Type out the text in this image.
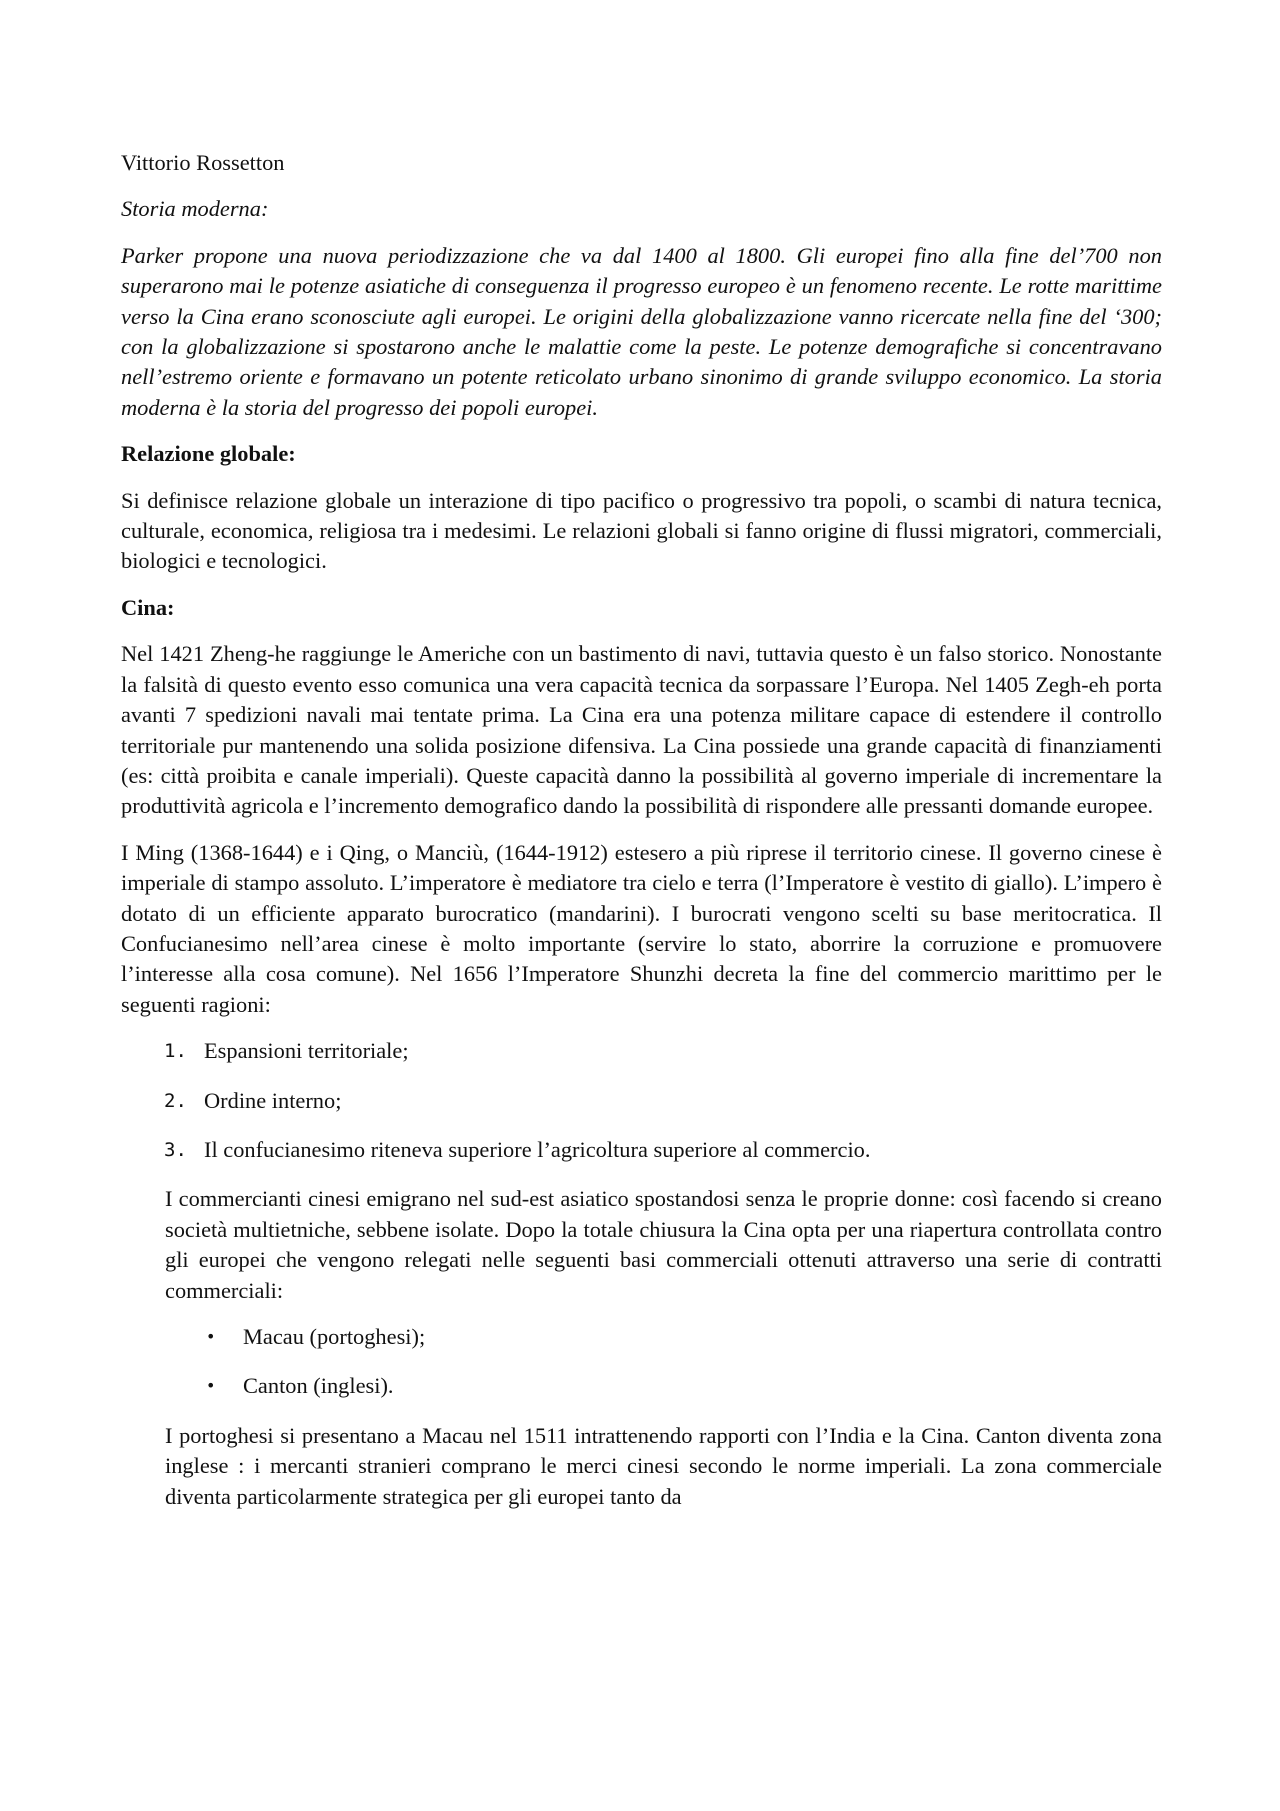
Vittorio Rossetton

Storia moderna:

Parker propone una nuova periodizzazione che va dal 1400 al 1800. Gli europei fino alla fine del’700 non superarono mai le potenze asiatiche di conseguenza il progresso europeo è un fenomeno recente. Le rotte marittime verso la Cina erano sconosciute agli europei. Le origini della globalizzazione vanno ricercate nella fine del ‘300; con la globalizzazione si spostarono anche le malattie come la peste. Le potenze demografiche si concentravano nell’estremo oriente e formavano un potente reticolato urbano sinonimo di grande sviluppo economico. La storia moderna è la storia del progresso dei popoli europei.

Relazione globale:

Si definisce relazione globale un interazione di tipo pacifico o progressivo tra popoli, o scambi di natura tecnica, culturale, economica, religiosa tra i medesimi. Le relazioni globali si fanno origine di flussi migratori, commerciali, biologici e tecnologici.

Cina:

Nel 1421 Zheng-he raggiunge le Americhe con un bastimento di navi, tuttavia questo è un falso storico. Nonostante la falsità di questo evento esso comunica una vera capacità tecnica da sorpassare l’Europa. Nel 1405 Zegh-eh porta avanti 7 spedizioni navali mai tentate prima. La Cina era una potenza militare capace di estendere il controllo territoriale pur mantenendo una solida posizione difensiva. La Cina possiede una grande capacità di finanziamenti (es: città proibita e canale imperiali). Queste capacità danno la possibilità al governo imperiale di incrementare la produttività agricola e l’incremento demografico dando la possibilità di rispondere alle pressanti domande europee.

I Ming (1368-1644) e i Qing, o Manciù, (1644-1912) estesero a più riprese il territorio cinese. Il governo cinese è imperiale di stampo assoluto. L’imperatore è mediatore tra cielo e terra (l’Imperatore è vestito di giallo). L’impero è dotato di un efficiente apparato burocratico (mandarini). I burocrati vengono scelti su base meritocratica. Il Confucianesimo nell’area cinese è molto importante (servire lo stato, aborrire la corruzione e promuovere l’interesse alla cosa comune). Nel 1656 l’Imperatore Shunzhi decreta la fine del commercio marittimo per le seguenti ragioni:

1. Espansioni territoriale;
2. Ordine interno;
3. Il confucianesimo riteneva superiore l’agricoltura superiore al commercio.

I commercianti cinesi emigrano nel sud-est asiatico spostandosi senza le proprie donne: così facendo si creano società multietniche, sebbene isolate. Dopo la totale chiusura la Cina opta per una riapertura controllata contro gli europei che vengono relegati nelle seguenti basi commerciali ottenuti attraverso una serie di contratti commerciali:

• Macau (portoghesi);
• Canton (inglesi).

I portoghesi si presentano a Macau nel 1511 intrattenendo rapporti con l’India e la Cina. Canton diventa zona inglese : i mercanti stranieri comprano le merci cinesi secondo le norme imperiali. La zona commerciale diventa particolarmente strategica per gli europei tanto da
